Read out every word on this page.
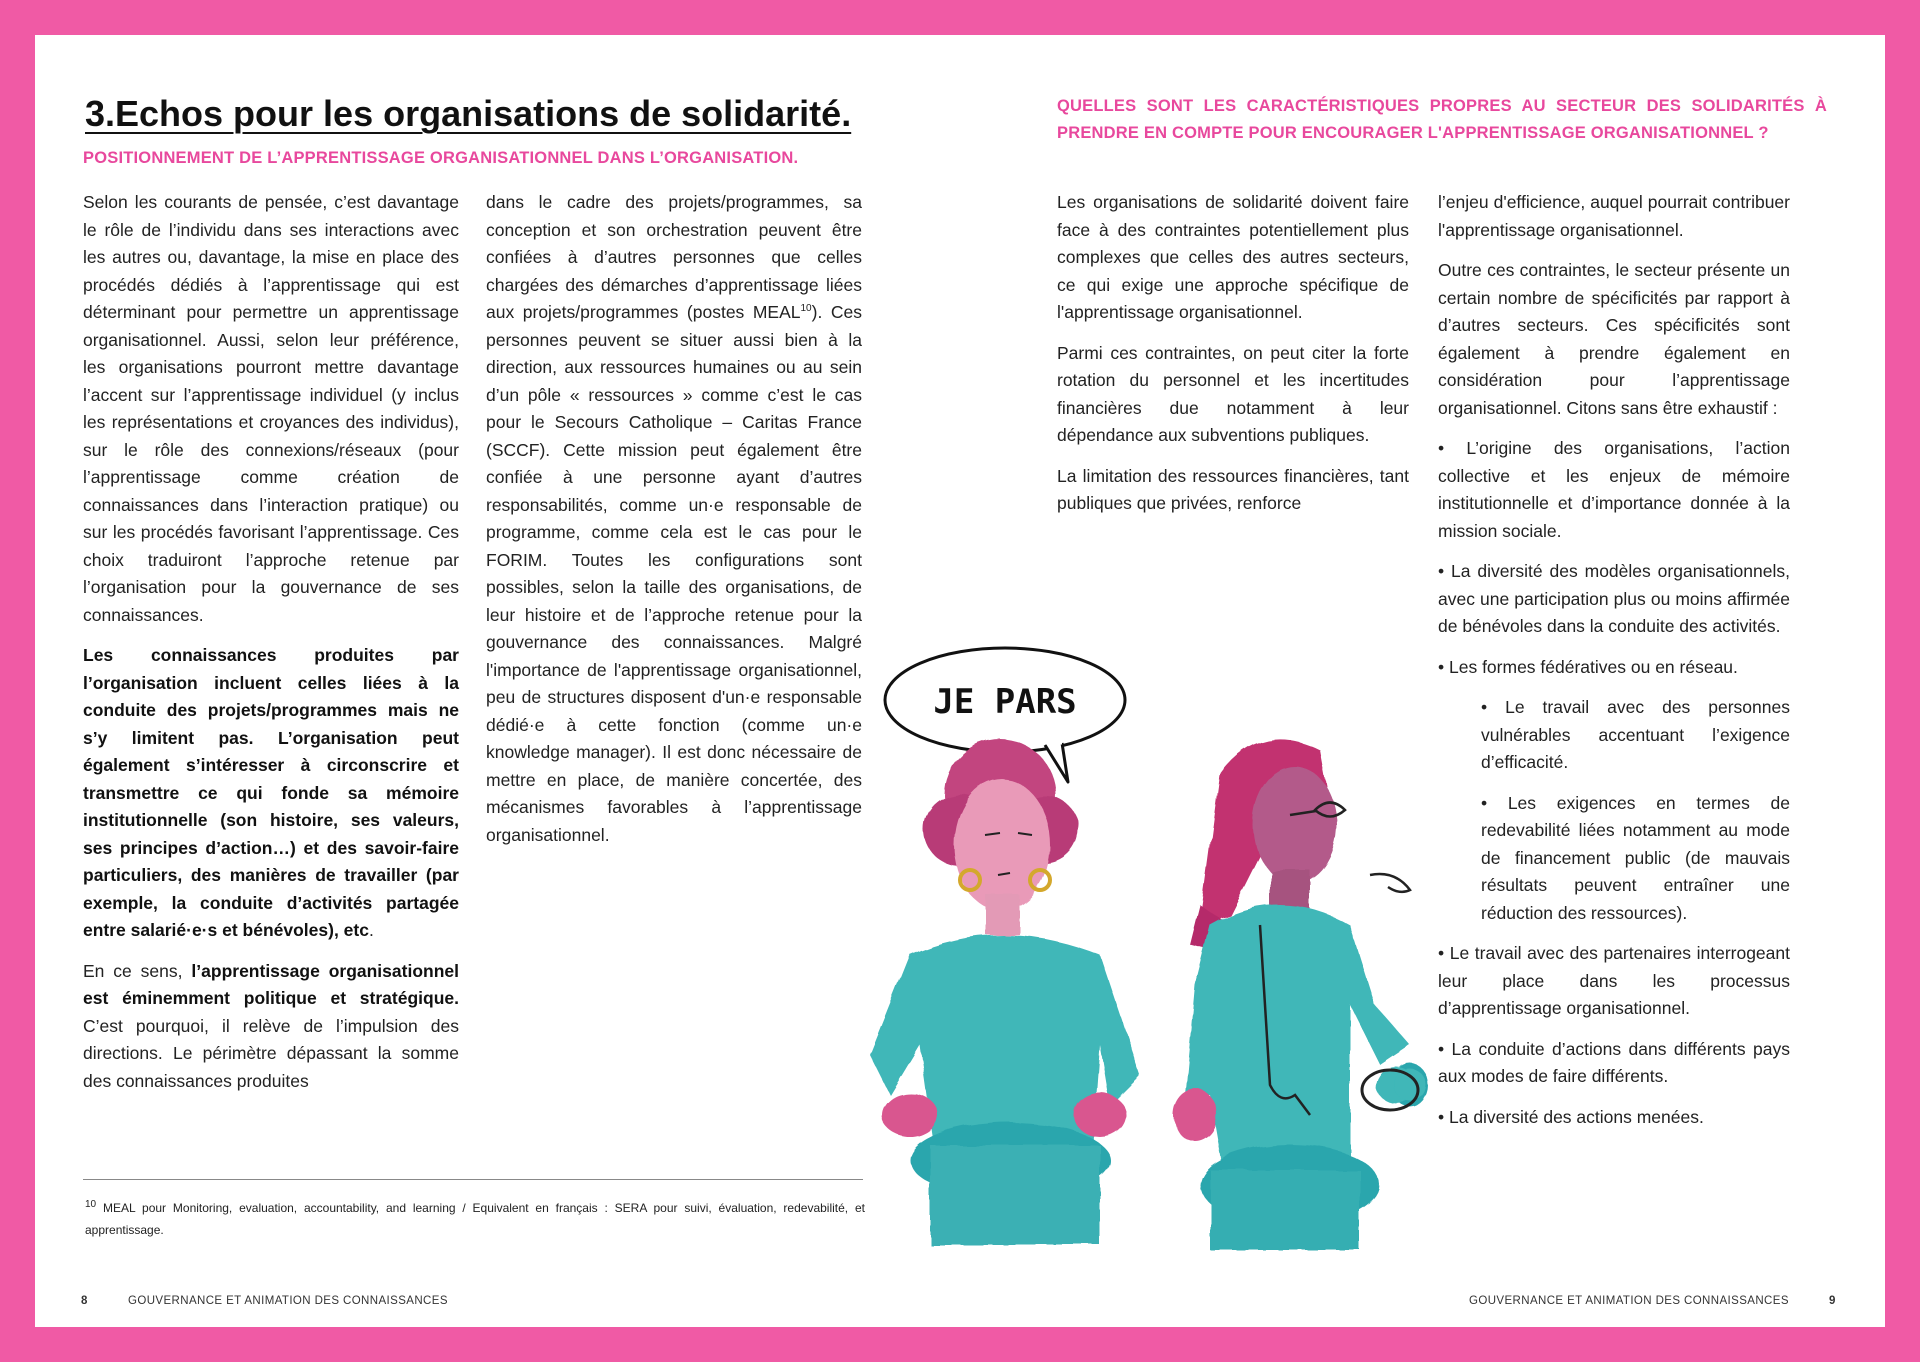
3.Echos pour les organisations de solidarité.
POSITIONNEMENT DE L’APPRENTISSAGE ORGANISATIONNEL DANS L’ORGANISATION.

Selon les courants de pensée, c’est davantage le rôle de l’individu dans ses interactions avec les autres ou, davantage, la mise en place des procédés dédiés à l’apprentissage qui est déterminant pour permettre un apprentissage organisationnel. Aussi, selon leur préférence, les organisations pourront mettre davantage l’accent sur l’apprentissage individuel (y inclus les représentations et croyances des individus), sur le rôle des connexions/réseaux (pour l’apprentissage comme création de connaissances dans l’interaction pratique) ou sur les procédés favorisant l’apprentissage. Ces choix traduiront l’approche retenue par l’organisation pour la gouvernance de ses connaissances.

Les connaissances produites par l’organisation incluent celles liées à la conduite des projets/programmes mais ne s’y limitent pas. L’organisation peut également s’intéresser à circonscrire et transmettre ce qui fonde sa mémoire institutionnelle (son histoire, ses valeurs, ses principes d’action…) et des savoir-faire particuliers, des manières de travailler (par exemple, la conduite d’activités partagée entre salarié·e·s et bénévoles), etc.

En ce sens, l’apprentissage organisationnel est éminemment politique et stratégique. C’est pourquoi, il relève de l’impulsion des directions. Le périmètre dépassant la somme des connaissances produites

dans le cadre des projets/programmes, sa conception et son orchestration peuvent être confiées à d’autres personnes que celles chargées des démarches d’apprentissage liées aux projets/programmes (postes MEAL$^{10}$). Ces personnes peuvent se situer aussi bien à la direction, aux ressources humaines ou au sein d’un pôle « ressources » comme c’est le cas pour le Secours Catholique – Caritas France (SCCF). Cette mission peut également être confiée à une personne ayant d’autres responsabilités, comme un·e responsable de programme, comme cela est le cas pour le FORIM. Toutes les configurations sont possibles, selon la taille des organisations, de leur histoire et de l’approche retenue pour la gouvernance des connaissances. Malgré l'importance de l'apprentissage organisationnel, peu de structures disposent d'un·e responsable dédié·e à cette fonction (comme un·e knowledge manager). Il est donc nécessaire de mettre en place, de manière concertée, des mécanismes favorables à l’apprentissage organisationnel.

$^{10}$ MEAL pour Monitoring, evaluation, accountability, and learning / Equivalent en français : SERA pour suivi, évaluation, redevabilité, et apprentissage.
8	GOUVERNANCE ET ANIMATION DES CONNAISSANCES
JE PARS
QUELLES SONT LES CARACTÉRISTIQUES PROPRES AU SECTEUR DES SOLIDARITÉS À PRENDRE EN COMPTE POUR ENCOURAGER L'APPRENTISSAGE ORGANISATIONNEL ?

Les organisations de solidarité doivent faire face à des contraintes potentiellement plus complexes que celles des autres secteurs, ce qui exige une approche spécifique de l'apprentissage organisationnel.

Parmi ces contraintes, on peut citer la forte rotation du personnel et les incertitudes financières due notamment à leur dépendance aux subventions publiques.

La limitation des ressources financières, tant publiques que privées, renforce

l’enjeu d'efficience, auquel pourrait contribuer l'apprentissage organisationnel.

Outre ces contraintes, le secteur présente un certain nombre de spécificités par rapport à d’autres secteurs. Ces spécificités sont également à prendre également en considération pour l’apprentissage organisationnel. Citons sans être exhaustif :

• L’origine des organisations, l’action collective et les enjeux de mémoire institutionnelle et d’importance donnée à la mission sociale.

• La diversité des modèles organisationnels, avec une participation plus ou moins affirmée de bénévoles dans la conduite des activités.

• Les formes fédératives ou en réseau.

• Le travail avec des personnes vulnérables accentuant l’exigence d’efficacité.

• Les exigences en termes de redevabilité liées notamment au mode de financement public (de mauvais résultats peuvent entraîner une réduction des ressources).

• Le travail avec des partenaires interrogeant leur place dans les processus d’apprentissage organisationnel.

• La conduite d’actions dans différents pays aux modes de faire différents.

• La diversité des actions menées.

GOUVERNANCE ET ANIMATION DES CONNAISSANCES	9
